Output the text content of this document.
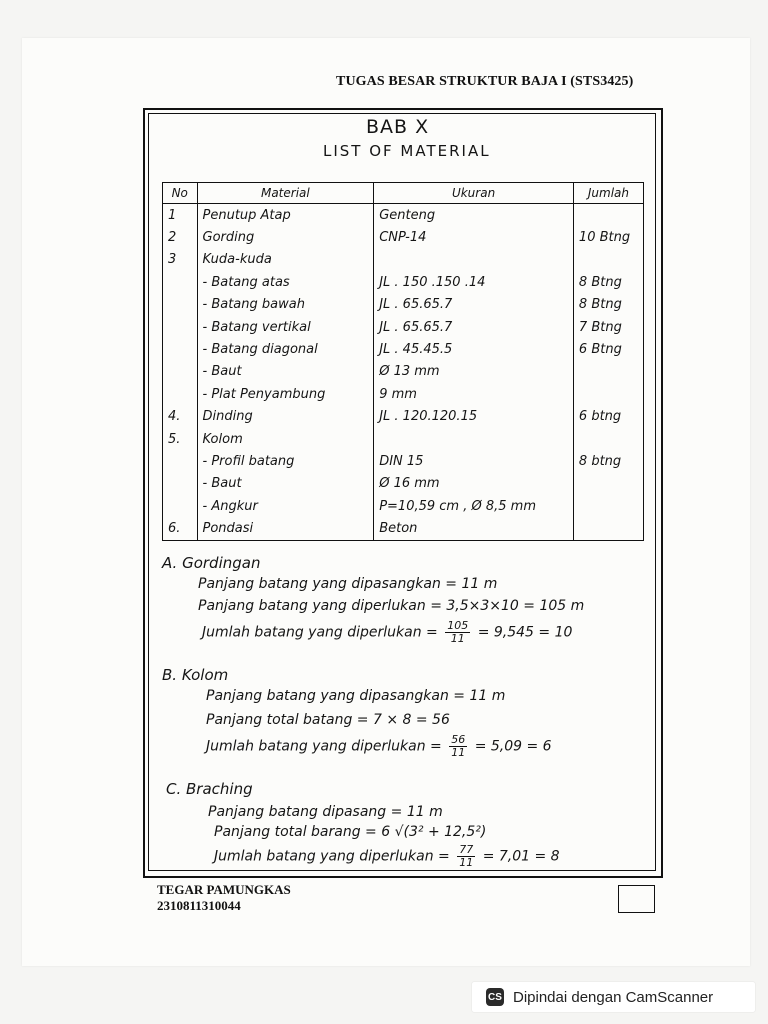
TUGAS BESAR STRUKTUR BAJA I (STS3425)
BAB X
LIST OF MATERIAL
No	Material	Ukuran	Jumlah
1	Penutup Atap	Genteng	
2	Gording	CNP-14	10 Btng
3	Kuda-kuda		
	- Batang atas	JL . 150 .150 .14	8 Btng
	- Batang bawah	JL . 65.65.7	8 Btng
	- Batang vertikal	JL . 65.65.7	7 Btng
	- Batang diagonal	JL . 45.45.5	6 Btng
	- Baut	Ø 13 mm	
	- Plat Penyambung	9 mm	
4.	Dinding	JL . 120.120.15	6 btng
5.	Kolom		
	- Profil batang	DIN 15	8 btng
	- Baut	Ø 16 mm	
	- Angkur	P=10,59 cm , Ø 8,5 mm	
6.	Pondasi	Beton	
A. Gordingan
Panjang batang yang dipasangkan = 11 m
Panjang batang yang diperlukan = 3,5×3×10 = 105 m
Jumlah batang yang diperlukan = $\frac{105}{11} = 9,545 = 10$
B. Kolom
Panjang batang yang dipasangkan = 11 m
Panjang total batang = 7 × 8 = 56
Jumlah batang yang diperlukan = $\frac{56}{11} = 5,09 = 6$
C. Braching
Panjang batang dipasang = 11 m
Panjang total barang = 6 √(3² + 12,5²)
Jumlah batang yang diperlukan = $\frac{77}{11} = 7,01 = 8$
TEGAR PAMUNGKAS
2310811310044
CS Dipindai dengan CamScanner
